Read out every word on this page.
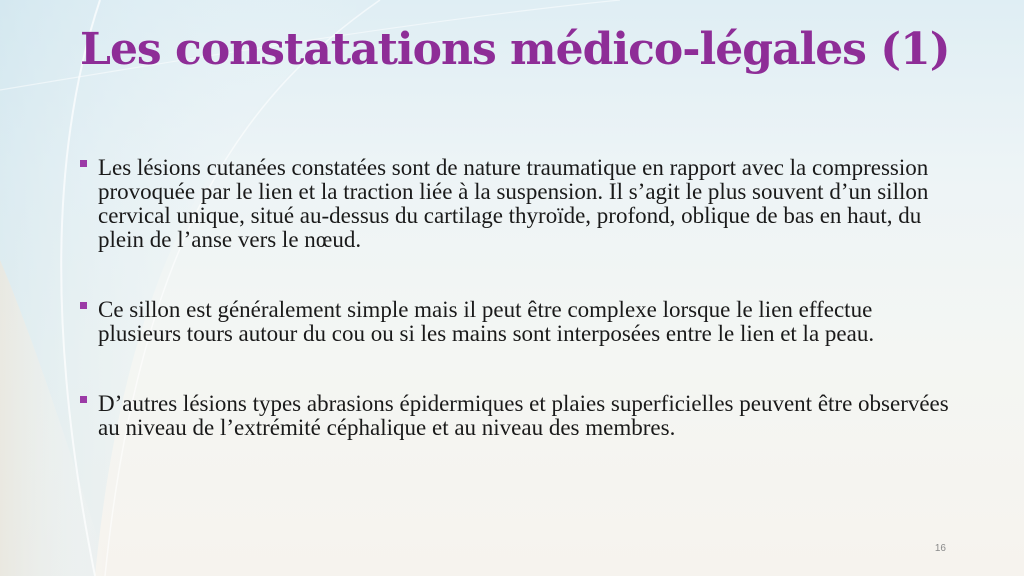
Les constatations médico-légales (1)
Les lésions cutanées constatées sont de nature traumatique en rapport avec la compression provoquée par le lien et la traction liée à la suspension. Il s’agit le plus souvent d’un sillon cervical unique, situé au-dessus du cartilage thyroïde, profond, oblique de bas en haut, du plein de l’anse vers le nœud.
Ce sillon est généralement simple mais il peut être complexe lorsque le lien effectue plusieurs tours autour du cou ou si les mains sont interposées entre le lien et la peau.
D’autres lésions types abrasions épidermiques et plaies superficielles peuvent être observées au niveau de l’extrémité céphalique et au niveau des membres.
16
